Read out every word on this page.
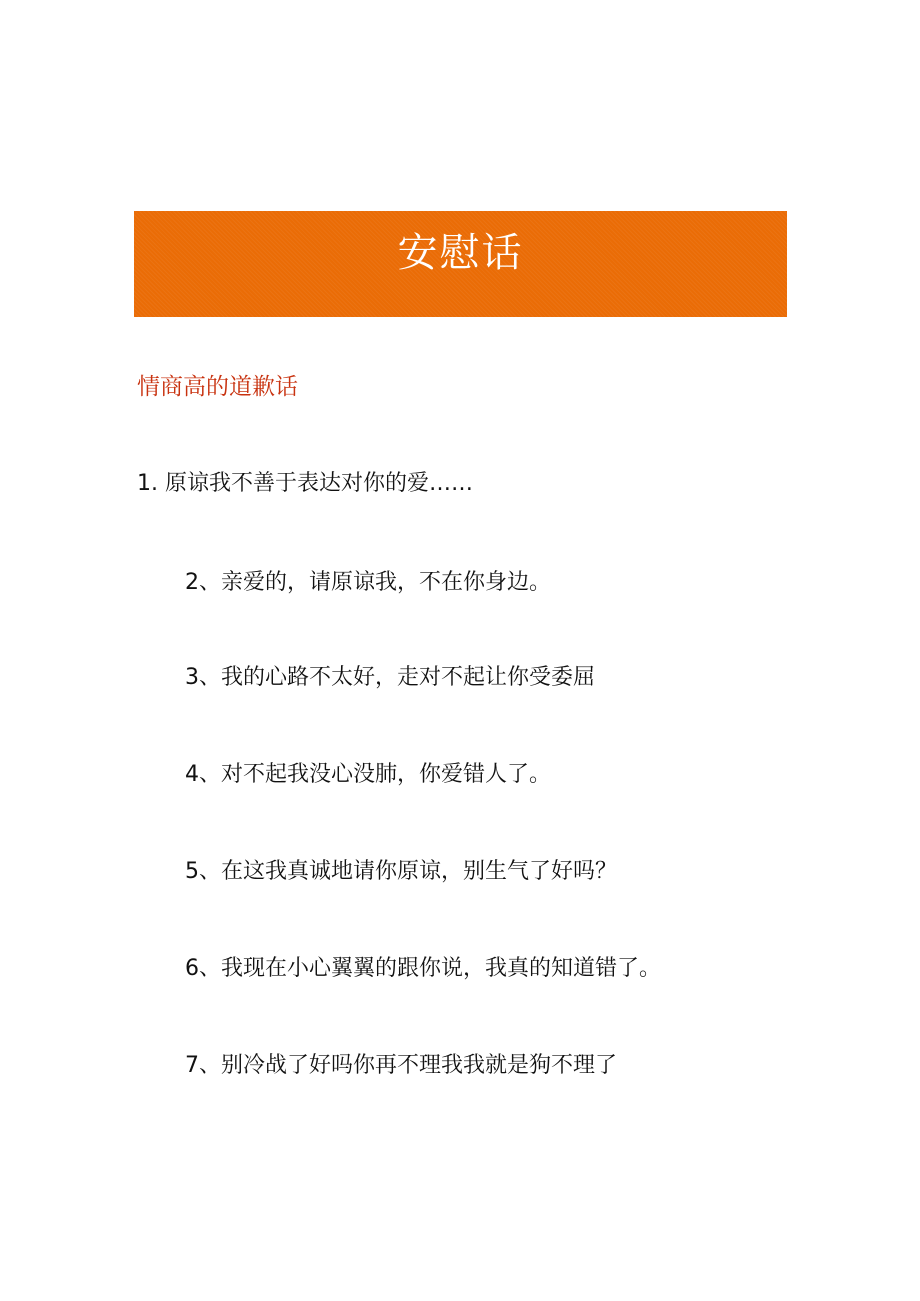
安慰话
情商高的道歉话
1. 原谅我不善于表达对你的爱……
2、亲爱的，请原谅我，不在你身边。
3、我的心路不太好，走对不起让你受委屈
4、对不起我没心没肺，你爱错人了。
5、在这我真诚地请你原谅，别生气了好吗？
6、我现在小心翼翼的跟你说，我真的知道错了。
7、别冷战了好吗你再不理我我就是狗不理了
